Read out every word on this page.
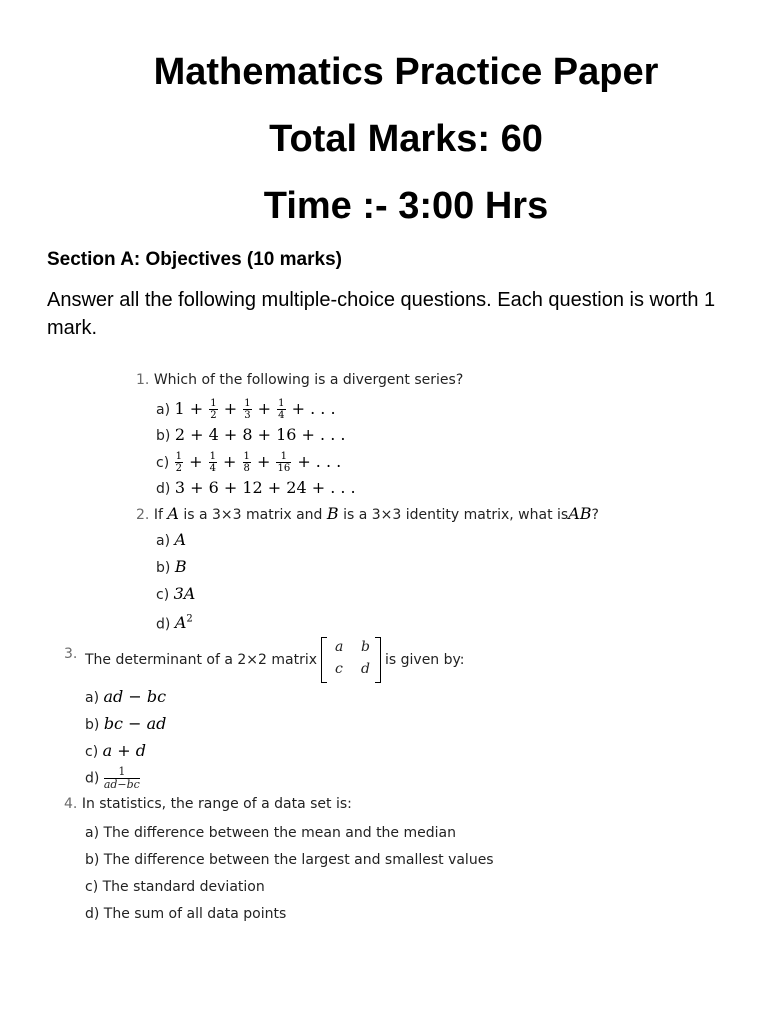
Mathematics Practice Paper
Total Marks: 60
Time :- 3:00 Hrs
Section A: Objectives (10 marks)
Answer all the following multiple-choice questions. Each question is worth 1 mark.
1. Which of the following is a divergent series?
a) $1 + \frac{1}{2} + \frac{1}{3} + \frac{1}{4}$ + . . .
b) 2 + 4 + 8 + 16 + . . .
$c) \frac{1}{2} + \frac{1}{4} + \frac{1}{8} + \frac{1}{16}$ + . . .
d) 3 + 6 + 12 + 24 + . . .
2. If A is a 3×3 matrix and B is a 3×3 identity matrix, what isAB?
a) A
b) B
c) 3A
d) $A^2$
3. The determinant of a 2×2 matrix
a b
c d
is given by:
a) ad − bc
b) bc − ad
c) a + d
$d) \frac{1}{ad-bc}$
4. In statistics, the range of a data set is:
a) The difference between the mean and the median
b) The difference between the largest and smallest values
c) The standard deviation
d) The sum of all data points
